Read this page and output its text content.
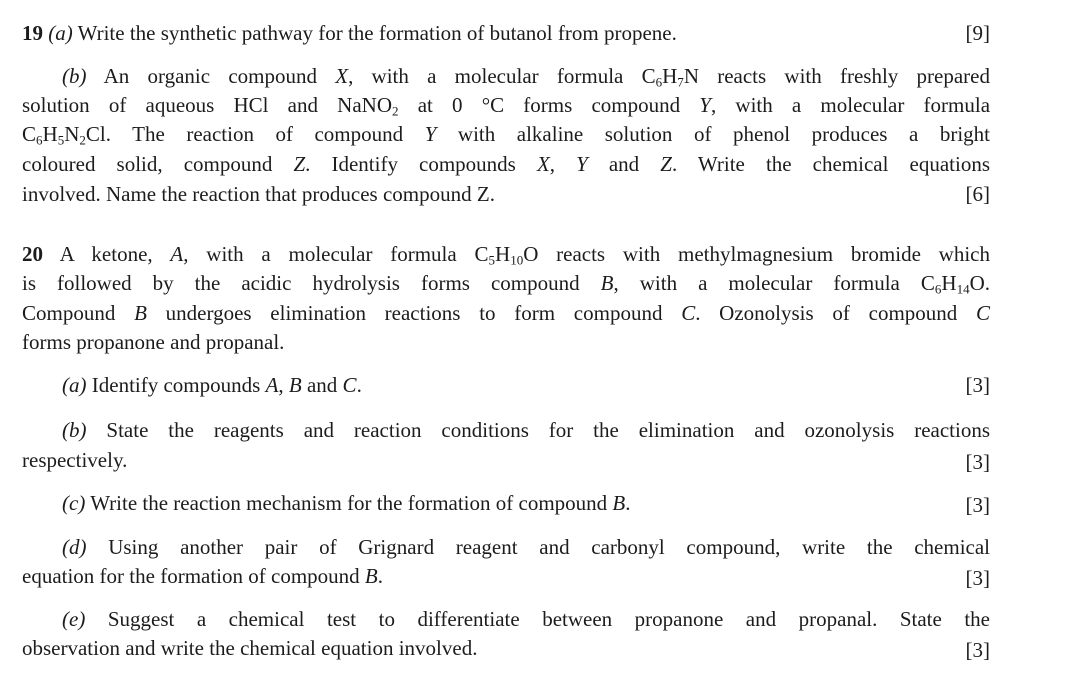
19 (a) Write the synthetic pathway for the formation of butanol from propene.	[9]
(b) An organic compound X, with a molecular formula $C_6H_7N$ reacts with freshly prepared
solution of aqueous HCl and NaNO$_2$ at 0 °C forms compound Y, with a molecular formula
$C_6H_5N_2Cl$. The reaction of compound Y with alkaline solution of phenol produces a bright
coloured solid, compound Z. Identify compounds X, Y and Z. Write the chemical equations
involved. Name the reaction that produces compound Z.	[6]
20 A ketone, A, with a molecular formula $C_5H_{10}O$ reacts with methylmagnesium bromide which
is followed by the acidic hydrolysis forms compound B, with a molecular formula $C_6H_{14}O$.
Compound B undergoes elimination reactions to form compound C. Ozonolysis of compound C
forms propanone and propanal.
(a) Identify compounds A, B and C.	[3]
(b) State the reagents and reaction conditions for the elimination and ozonolysis reactions
respectively.	[3]
(c) Write the reaction mechanism for the formation of compound B.	[3]
(d) Using another pair of Grignard reagent and carbonyl compound, write the chemical
equation for the formation of compound B.	[3]
(e) Suggest a chemical test to differentiate between propanone and propanal. State the
observation and write the chemical equation involved.	[3]
